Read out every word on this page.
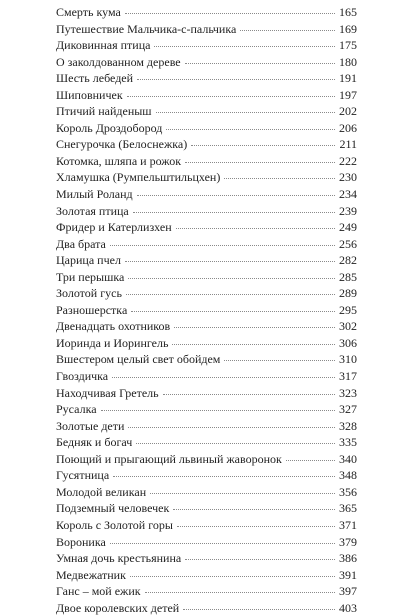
Смерть кума	165
Путешествие Мальчика-с-пальчика	169
Диковинная птица	175
О заколдованном дереве	180
Шесть лебедей	191
Шиповничек	197
Птичий найденыш	202
Король Дроздобород	206
Снегурочка (Белоснежка)	211
Котомка, шляпа и рожок	222
Хламушка (Румпельштильцхен)	230
Милый Роланд	234
Золотая птица	239
Фридер и Катерлизхен	249
Два брата	256
Царица пчел	282
Три перышка	285
Золотой гусь	289
Разношерстка	295
Двенадцать охотников	302
Иоринда и Иорингель	306
Вшестером целый свет обойдем	310
Гвоздичка	317
Находчивая Гретель	323
Русалка	327
Золотые дети	328
Бедняк и богач	335
Поющий и прыгающий львиный жаворонок	340
Гусятница	348
Молодой великан	356
Подземный человечек	365
Король с Золотой горы	371
Вороника	379
Умная дочь крестьянина	386
Медвежатник	391
Ганс – мой ежик	397
Двое королевских детей	403
